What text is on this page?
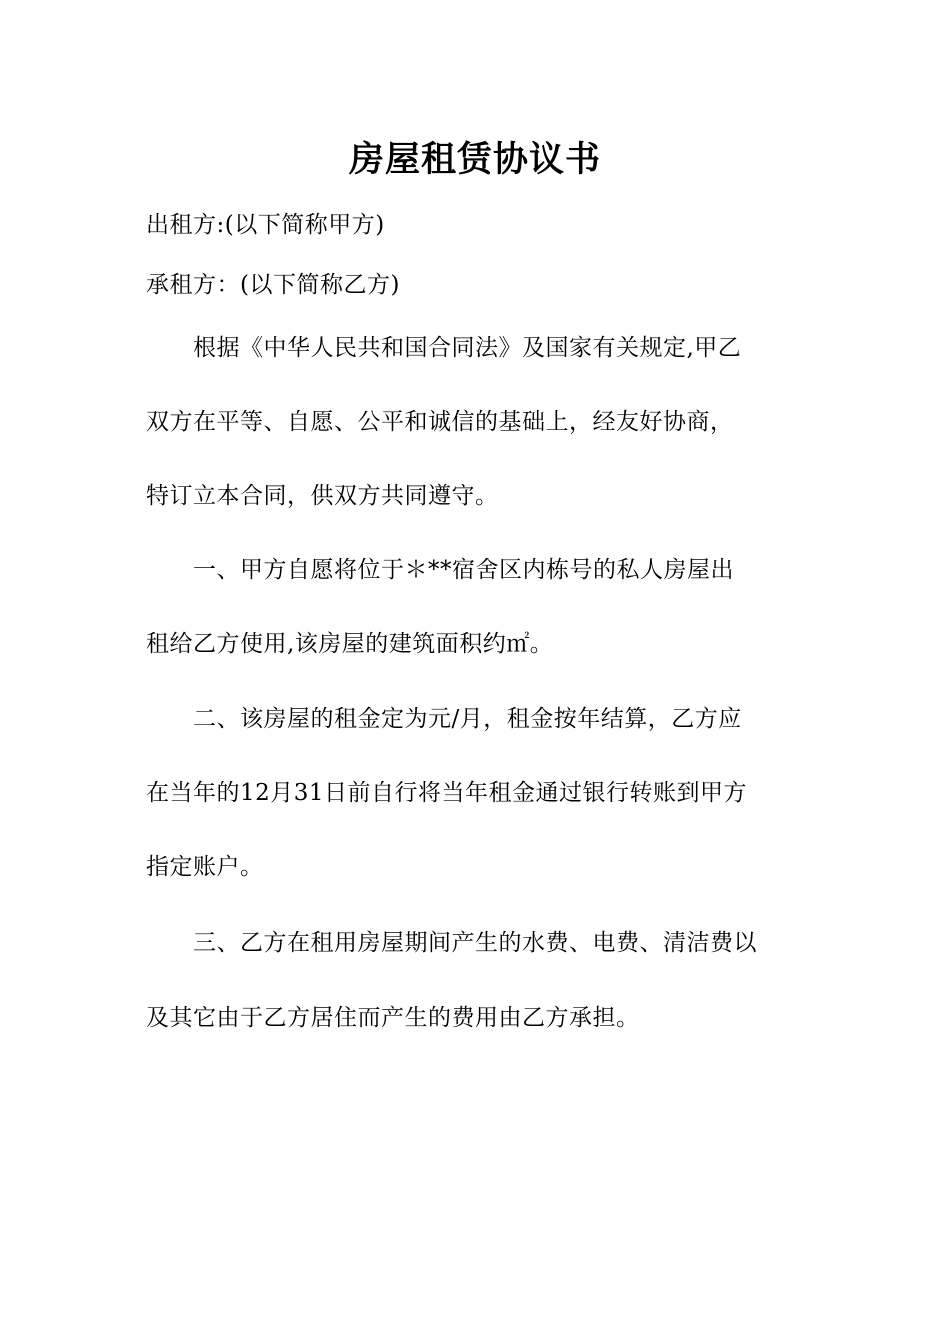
房屋租赁协议书
出租方:(以下简称甲方)
承租方：(以下简称乙方)
　　根据《中华人民共和国合同法》及国家有关规定,甲乙
双方在平等、自愿、公平和诚信的基础上，经友好协商，
特订立本合同，供双方共同遵守。
　　一、甲方自愿将位于＊**宿舍区内栋号的私人房屋出
租给乙方使用,该房屋的建筑面积约㎡。
　　二、该房屋的租金定为元/月，租金按年结算，乙方应
在当年的12月31日前自行将当年租金通过银行转账到甲方
指定账户。
　　三、乙方在租用房屋期间产生的水费、电费、清洁费以
及其它由于乙方居住而产生的费用由乙方承担。
